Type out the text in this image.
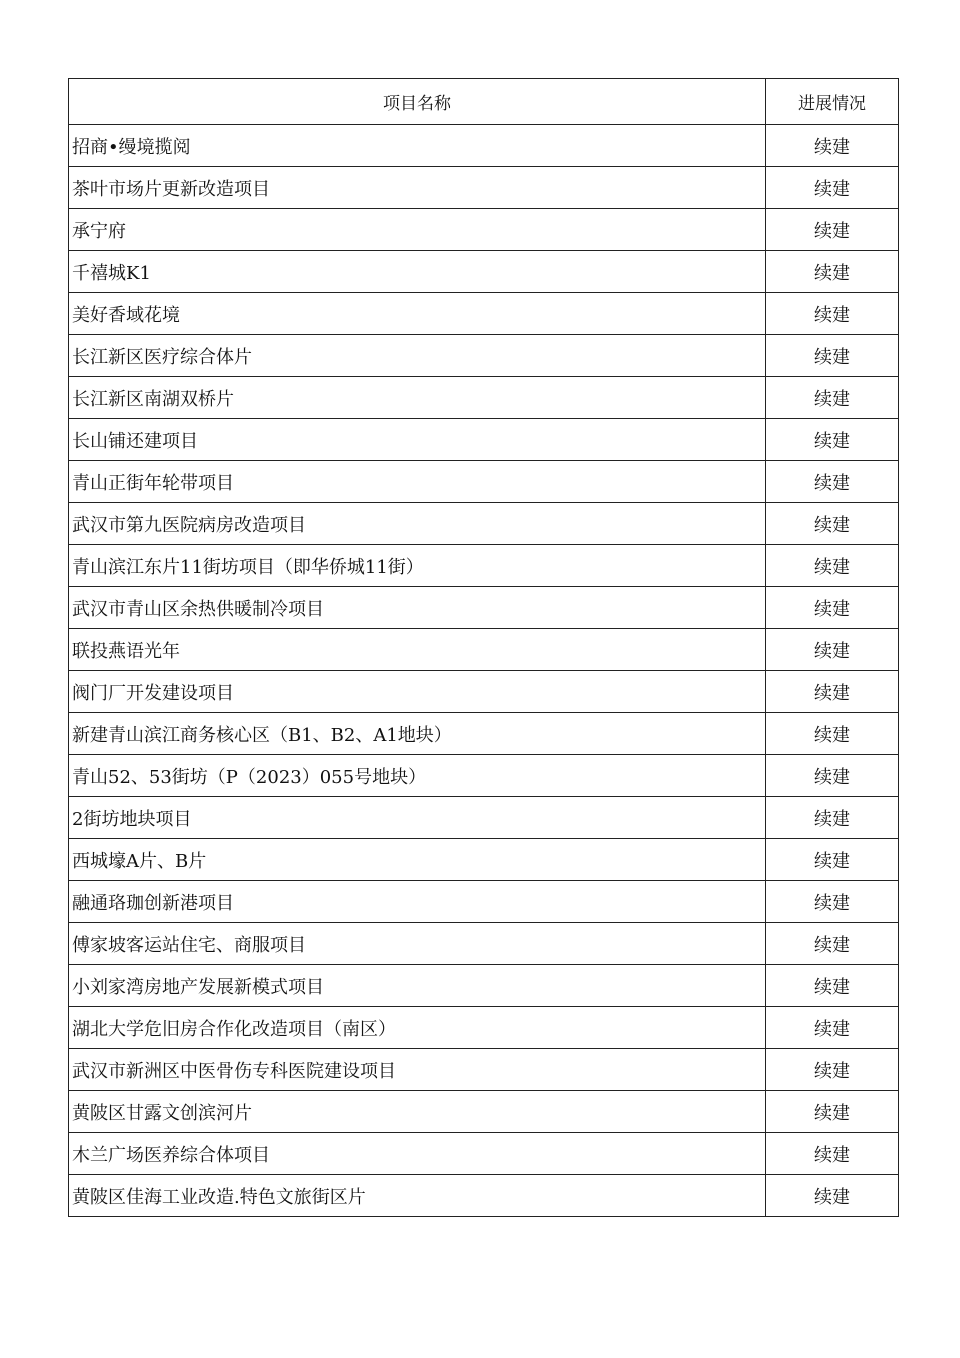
项目名称	进展情况
招商•缦境揽阅	续建
茶叶市场片更新改造项目	续建
承宁府	续建
千禧城K1	续建
美好香域花境	续建
长江新区医疗综合体片	续建
长江新区南湖双桥片	续建
长山铺还建项目	续建
青山正街年轮带项目	续建
武汉市第九医院病房改造项目	续建
青山滨江东片11街坊项目（即华侨城11街）	续建
武汉市青山区余热供暖制冷项目	续建
联投燕语光年	续建
阀门厂开发建设项目	续建
新建青山滨江商务核心区（B1、B2、A1地块）	续建
青山52、53街坊（P（2023）055号地块）	续建
2街坊地块项目	续建
西城壕A片、B片	续建
融通珞珈创新港项目	续建
傅家坡客运站住宅、商服项目	续建
小刘家湾房地产发展新模式项目	续建
湖北大学危旧房合作化改造项目（南区）	续建
武汉市新洲区中医骨伤专科医院建设项目	续建
黄陂区甘露文创滨河片	续建
木兰广场医养综合体项目	续建
黄陂区佳海工业改造.特色文旅街区片	续建
